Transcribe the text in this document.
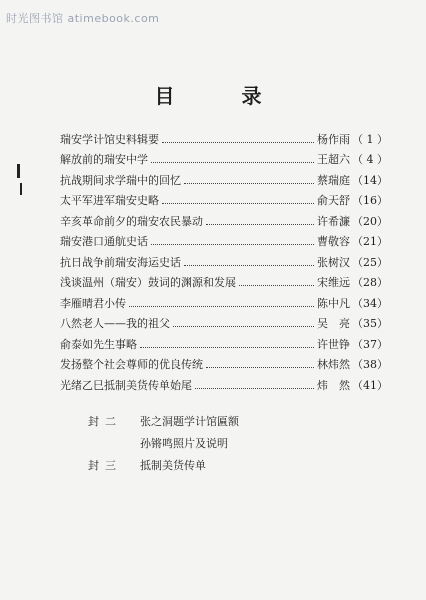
时光图书馆 atimebook.com
目 录
瑞安学计馆史料辑要	杨作雨 （ 1 ）
解放前的瑞安中学	王超六 （ 4 ）
抗战期间求学瑞中的回忆	蔡瑞庭 （14）
太平军进军瑞安史略	俞天舒 （16）
辛亥革命前夕的瑞安农民暴动	许希濂 （20）
瑞安港口通航史话	曹敬容 （21）
抗日战争前瑞安海运史话	张树汉 （25）
浅谈温州（瑞安）鼓词的渊源和发展	宋维远 （28）
李雁晴君小传	陈中凡 （34）
八然老人——我的祖父	吴　亮 （35）
俞泰如先生事略	许世铮 （37）
发扬整个社会尊师的优良传统	林炜然 （38）
光绪乙巳抵制美货传单始尾	炜　然 （41）
封二	张之洞题学计馆匾额
孙锵鸣照片及说明
封三	抵制美货传单
